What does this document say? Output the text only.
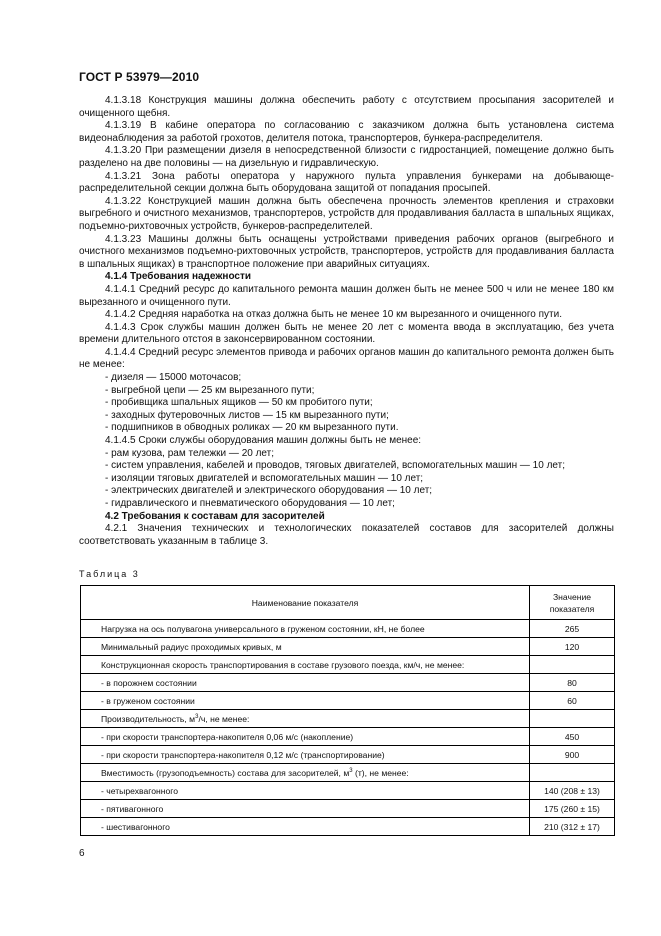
ГОСТ Р 53979—2010

4.1.3.18 Конструкция машины должна обеспечить работу с отсутствием просыпания засорителей и очищенного щебня.

4.1.3.19 В кабине оператора по согласованию с заказчиком должна быть установлена система видеонаблюдения за работой грохотов, делителя потока, транспортеров, бункера-распределителя.

4.1.3.20 При размещении дизеля в непосредственной близости с гидростанцией, помещение должно быть разделено на две половины — на дизельную и гидравлическую.

4.1.3.21 Зона работы оператора у наружного пульта управления бункерами на добывающе-распределительной секции должна быть оборудована защитой от попадания просыпей.

4.1.3.22 Конструкцией машин должна быть обеспечена прочность элементов крепления и страховки выгребного и очистного механизмов, транспортеров, устройств для продавливания балласта в шпальных ящиках, подъемно-рихтовочных устройств, бункеров-распределителей.

4.1.3.23 Машины должны быть оснащены устройствами приведения рабочих органов (выгребного и очистного механизмов подъемно-рихтовочных устройств, транспортеров, устройств для продавливания балласта в шпальных ящиках) в транспортное положение при аварийных ситуациях.

4.1.4 Требования надежности

4.1.4.1 Средний ресурс до капитального ремонта машин должен быть не менее 500 ч или не менее 180 км вырезанного и очищенного пути.

4.1.4.2 Средняя наработка на отказ должна быть не менее 10 км вырезанного и очищенного пути.

4.1.4.3 Срок службы машин должен быть не менее 20 лет с момента ввода в эксплуатацию, без учета времени длительного отстоя в законсервированном состоянии.

4.1.4.4 Средний ресурс элементов привода и рабочих органов машин до капитального ремонта должен быть не менее:

- дизеля — 15000 моточасов;

- выгребной цепи — 25 км вырезанного пути;

- пробивщика шпальных ящиков — 50 км пробитого пути;

- заходных футеровочных листов — 15 км вырезанного пути;

- подшипников в обводных роликах — 20 км вырезанного пути.

4.1.4.5 Сроки службы оборудования машин должны быть не менее:

- рам кузова, рам тележки — 20 лет;

- систем управления, кабелей и проводов, тяговых двигателей, вспомогательных машин — 10 лет;

- изоляции тяговых двигателей и вспомогательных машин — 10 лет;

- электрических двигателей и электрического оборудования — 10 лет;

- гидравлического и пневматического оборудования — 10 лет;

4.2 Требования к составам для засорителей

4.2.1 Значения технических и технологических показателей составов для засорителей должны соответствовать указанным в таблице 3.

Таблица 3
Наименование показателя	Значение показателя
Нагрузка на ось полувагона универсального в груженом состоянии, кН, не более	265
Минимальный радиус проходимых кривых, м	120
Конструкционная скорость транспортирования в составе грузового поезда, км/ч, не менее:	
- в порожнем состоянии	80
- в груженом состоянии	60
Производительность, $м^3/ч$, не менее:	
- при скорости транспортера-накопителя 0,06 м/с (накопление)	450
- при скорости транспортера-накопителя 0,12 м/с (транспортирование)	900
Вместимость (грузоподъемность) состава для засорителей, $м^3$ (т), не менее:	
- четырехвагонного	140 (208 ± 13)
- пятивагонного	175 (260 ± 15)
- шестивагонного	210 (312 ± 17)
6
